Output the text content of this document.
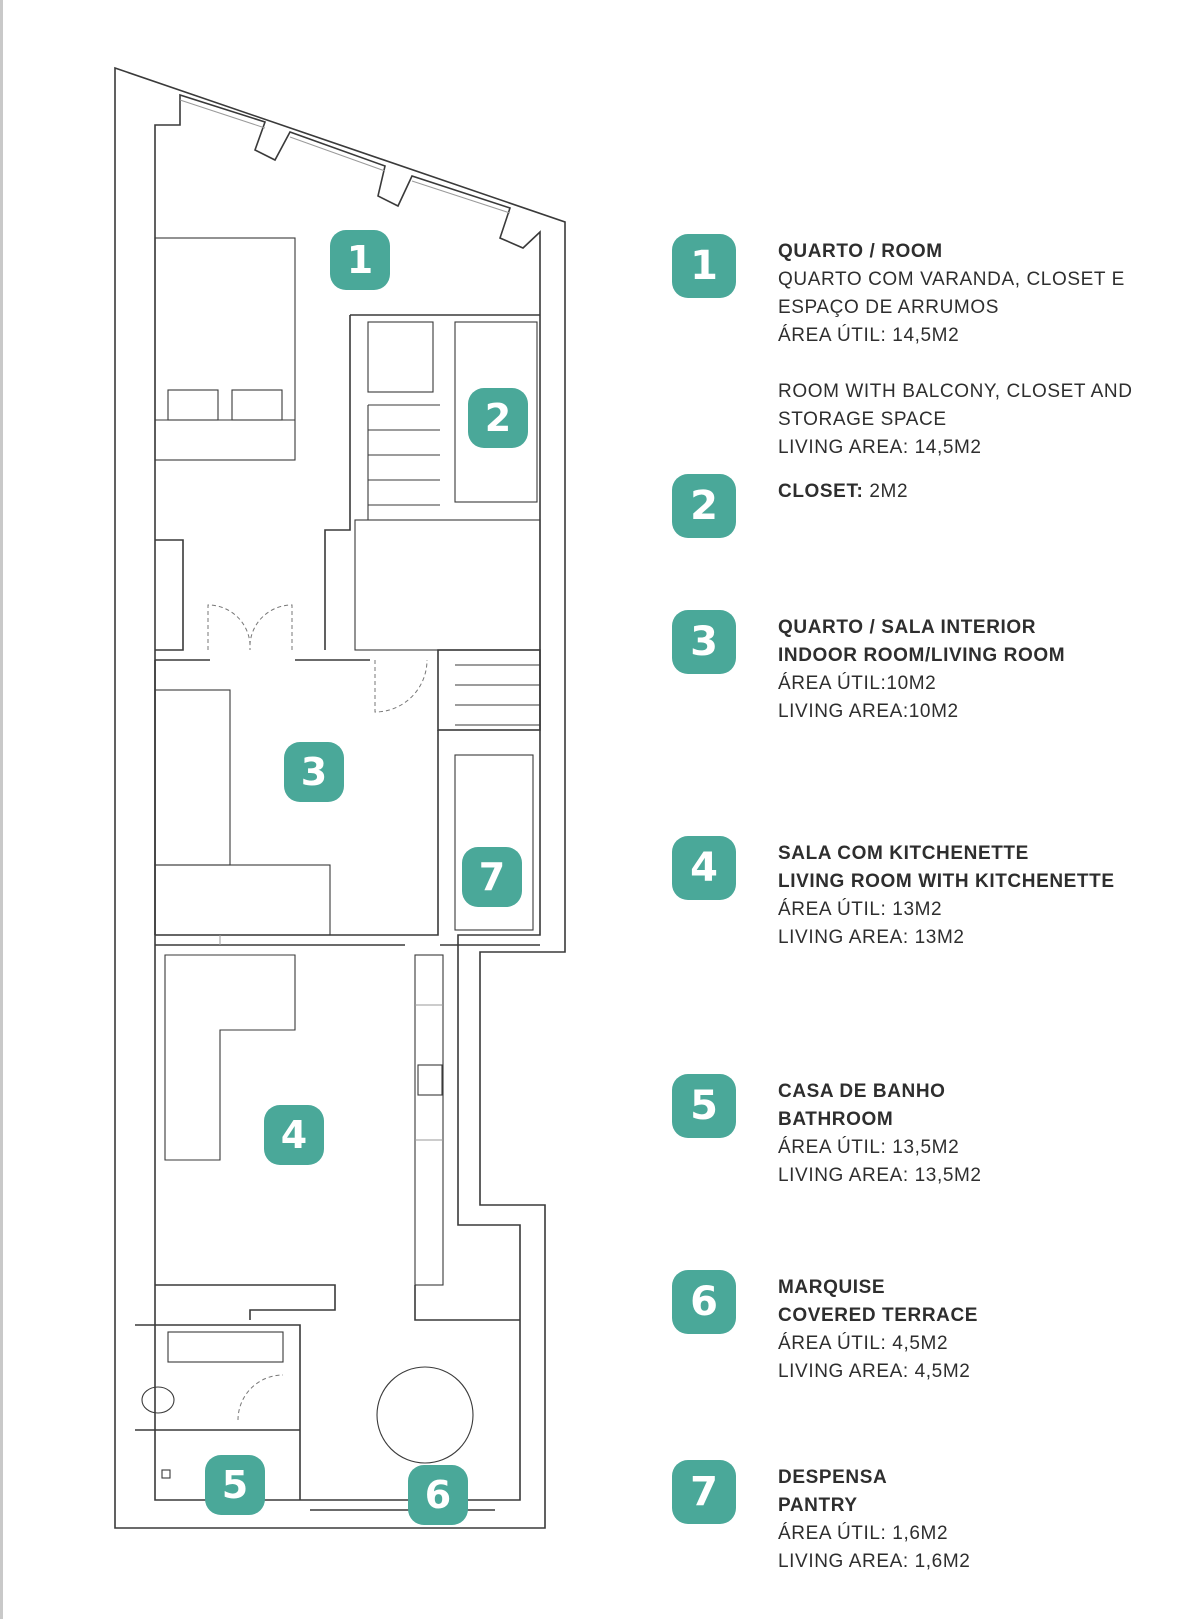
1
2
3
7
4
5	6
1	QUARTO / ROOM
QUARTO COM VARANDA, CLOSET E
ESPAÇO DE ARRUMOS
ÁREA ÚTIL: 14,5M2
ROOM WITH BALCONY, CLOSET AND
STORAGE SPACE
LIVING AREA: 14,5M2
2	CLOSET: 2M2
3	QUARTO / SALA INTERIOR
INDOOR ROOM/LIVING ROOM
ÁREA ÚTIL:10M2
LIVING AREA:10M2
4	SALA COM KITCHENETTE
LIVING ROOM WITH KITCHENETTE
ÁREA ÚTIL: 13M2
LIVING AREA: 13M2
5	CASA DE BANHO
BATHROOM
ÁREA ÚTIL: 13,5M2
LIVING AREA: 13,5M2
6	MARQUISE
COVERED TERRACE
ÁREA ÚTIL: 4,5M2
LIVING AREA: 4,5M2
7	DESPENSA
PANTRY
ÁREA ÚTIL: 1,6M2
LIVING AREA: 1,6M2
